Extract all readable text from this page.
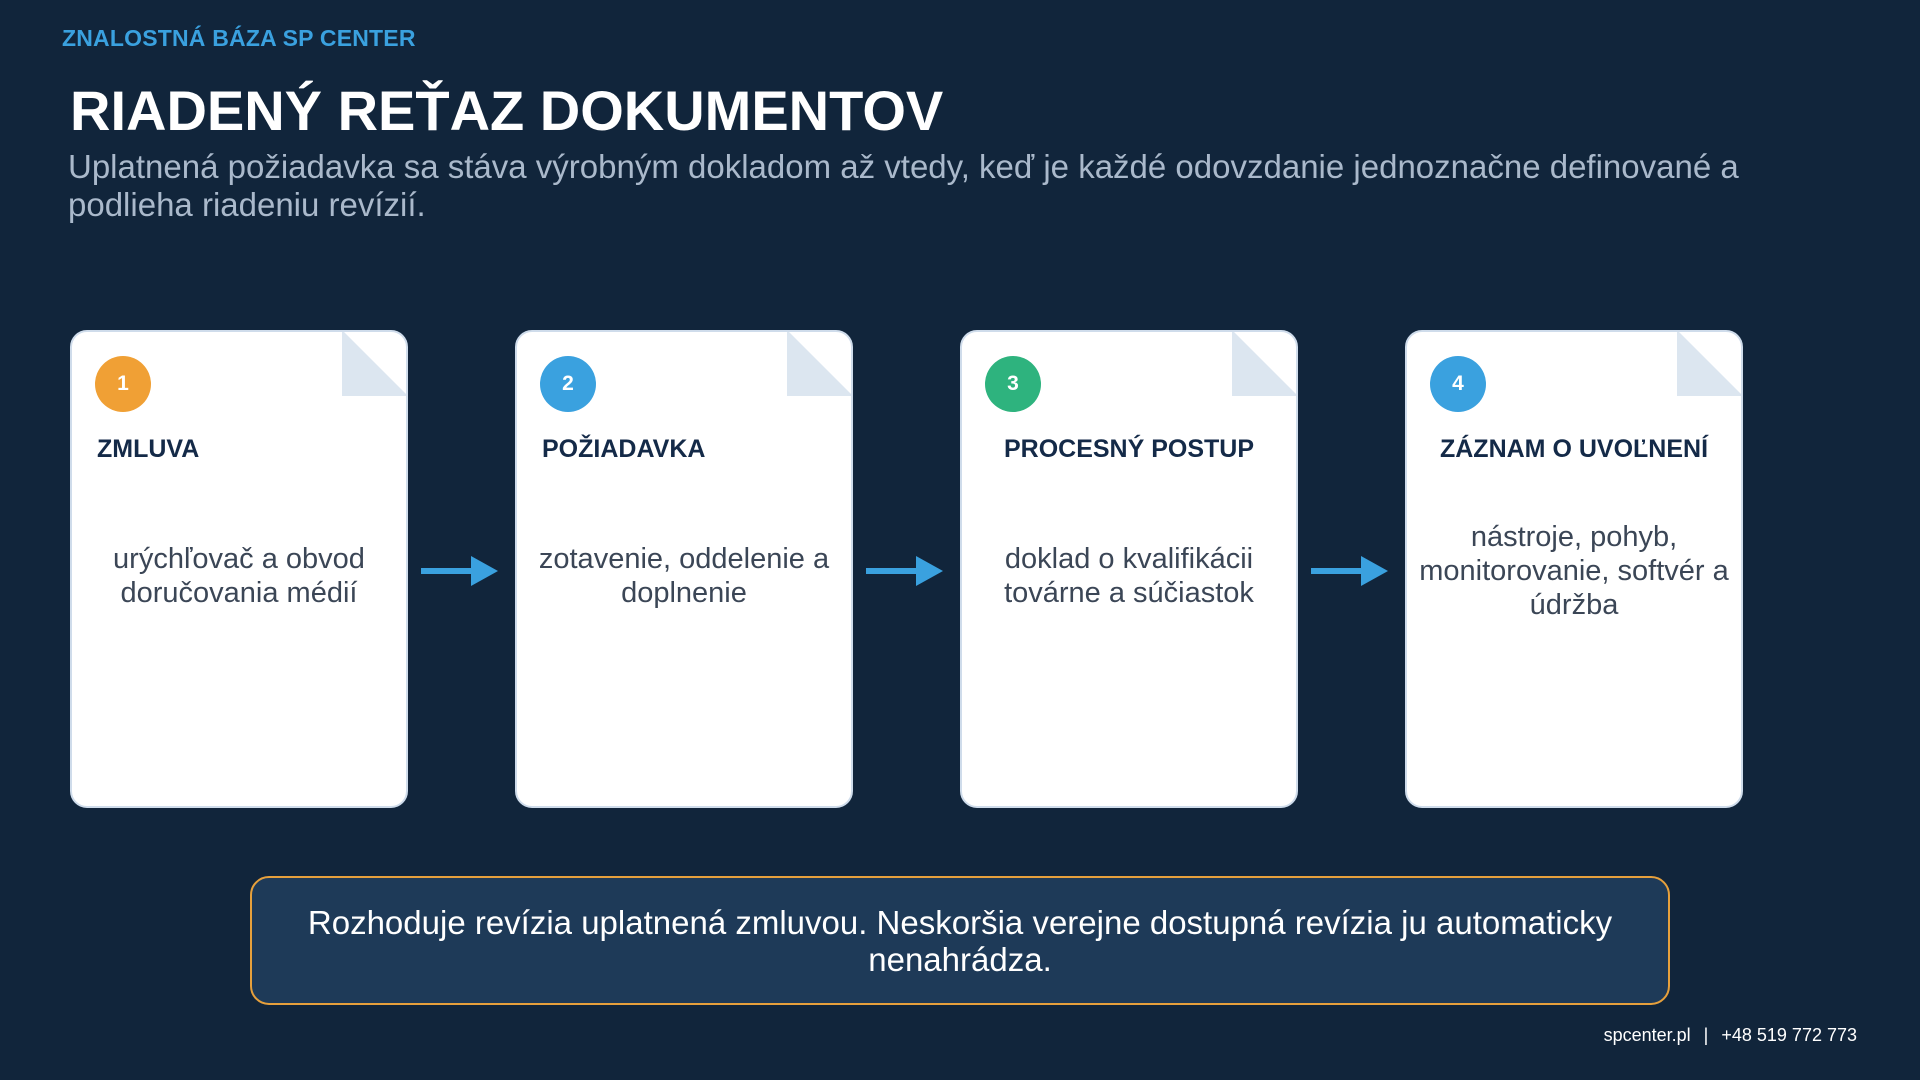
ZNALOSTNÁ BÁZA SP CENTER
RIADENÝ REŤAZ DOKUMENTOV
Uplatnená požiadavka sa stáva výrobným dokladom až vtedy, keď je každé odovzdanie jednoznačne definované a podlieha riadeniu revízií.
1
ZMLUVA
urýchľovač a obvod doručovania médií
2
POŽIADAVKA
zotavenie, oddelenie a doplnenie
3
PROCESNÝ POSTUP
doklad o kvalifikácii továrne a súčiastok
4
ZÁZNAM O UVOĽNENÍ
nástroje, pohyb, monitorovanie, softvér a údržba
Rozhoduje revízia uplatnená zmluvou. Neskoršia verejne dostupná revízia ju automaticky nenahrádza.
spcenter.pl | +48 519 772 773
